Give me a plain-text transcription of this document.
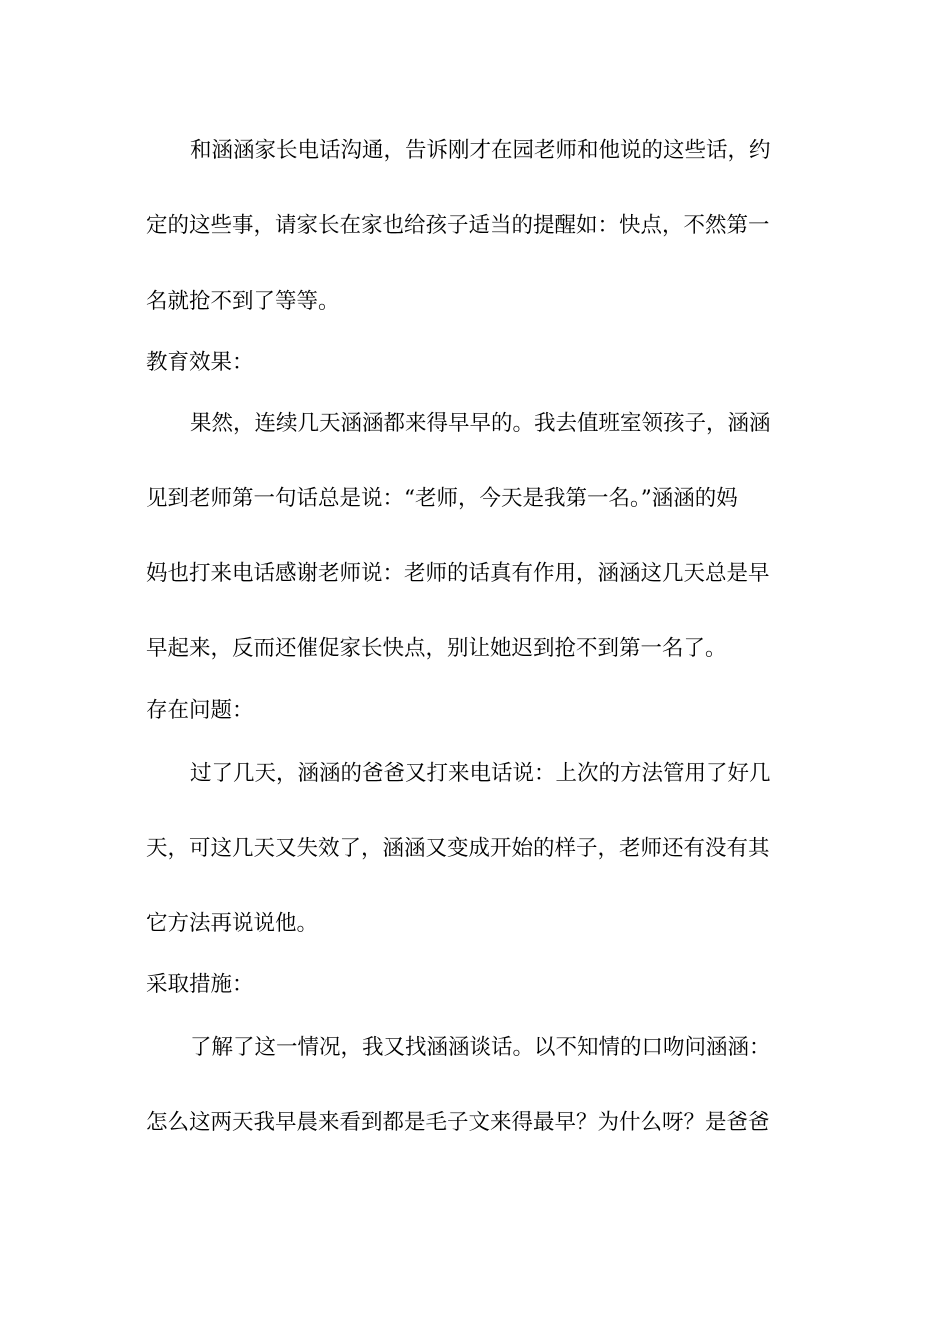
和涵涵家长电话沟通，告诉刚才在园老师和他说的这些话，约
定的这些事，请家长在家也给孩子适当的提醒如：快点，不然第一
名就抢不到了等等。
教育效果：
果然，连续几天涵涵都来得早早的。我去值班室领孩子，涵涵
见到老师第一句话总是说：“老师，今天是我第一名。”涵涵的妈
妈也打来电话感谢老师说：老师的话真有作用，涵涵这几天总是早
早起来，反而还催促家长快点，别让她迟到抢不到第一名了。
存在问题：
过了几天，涵涵的爸爸又打来电话说：上次的方法管用了好几
天，可这几天又失效了，涵涵又变成开始的样子，老师还有没有其
它方法再说说他。
采取措施：
了解了这一情况，我又找涵涵谈话。以不知情的口吻问涵涵：
怎么这两天我早晨来看到都是毛子文来得最早？为什么呀？是爸爸
